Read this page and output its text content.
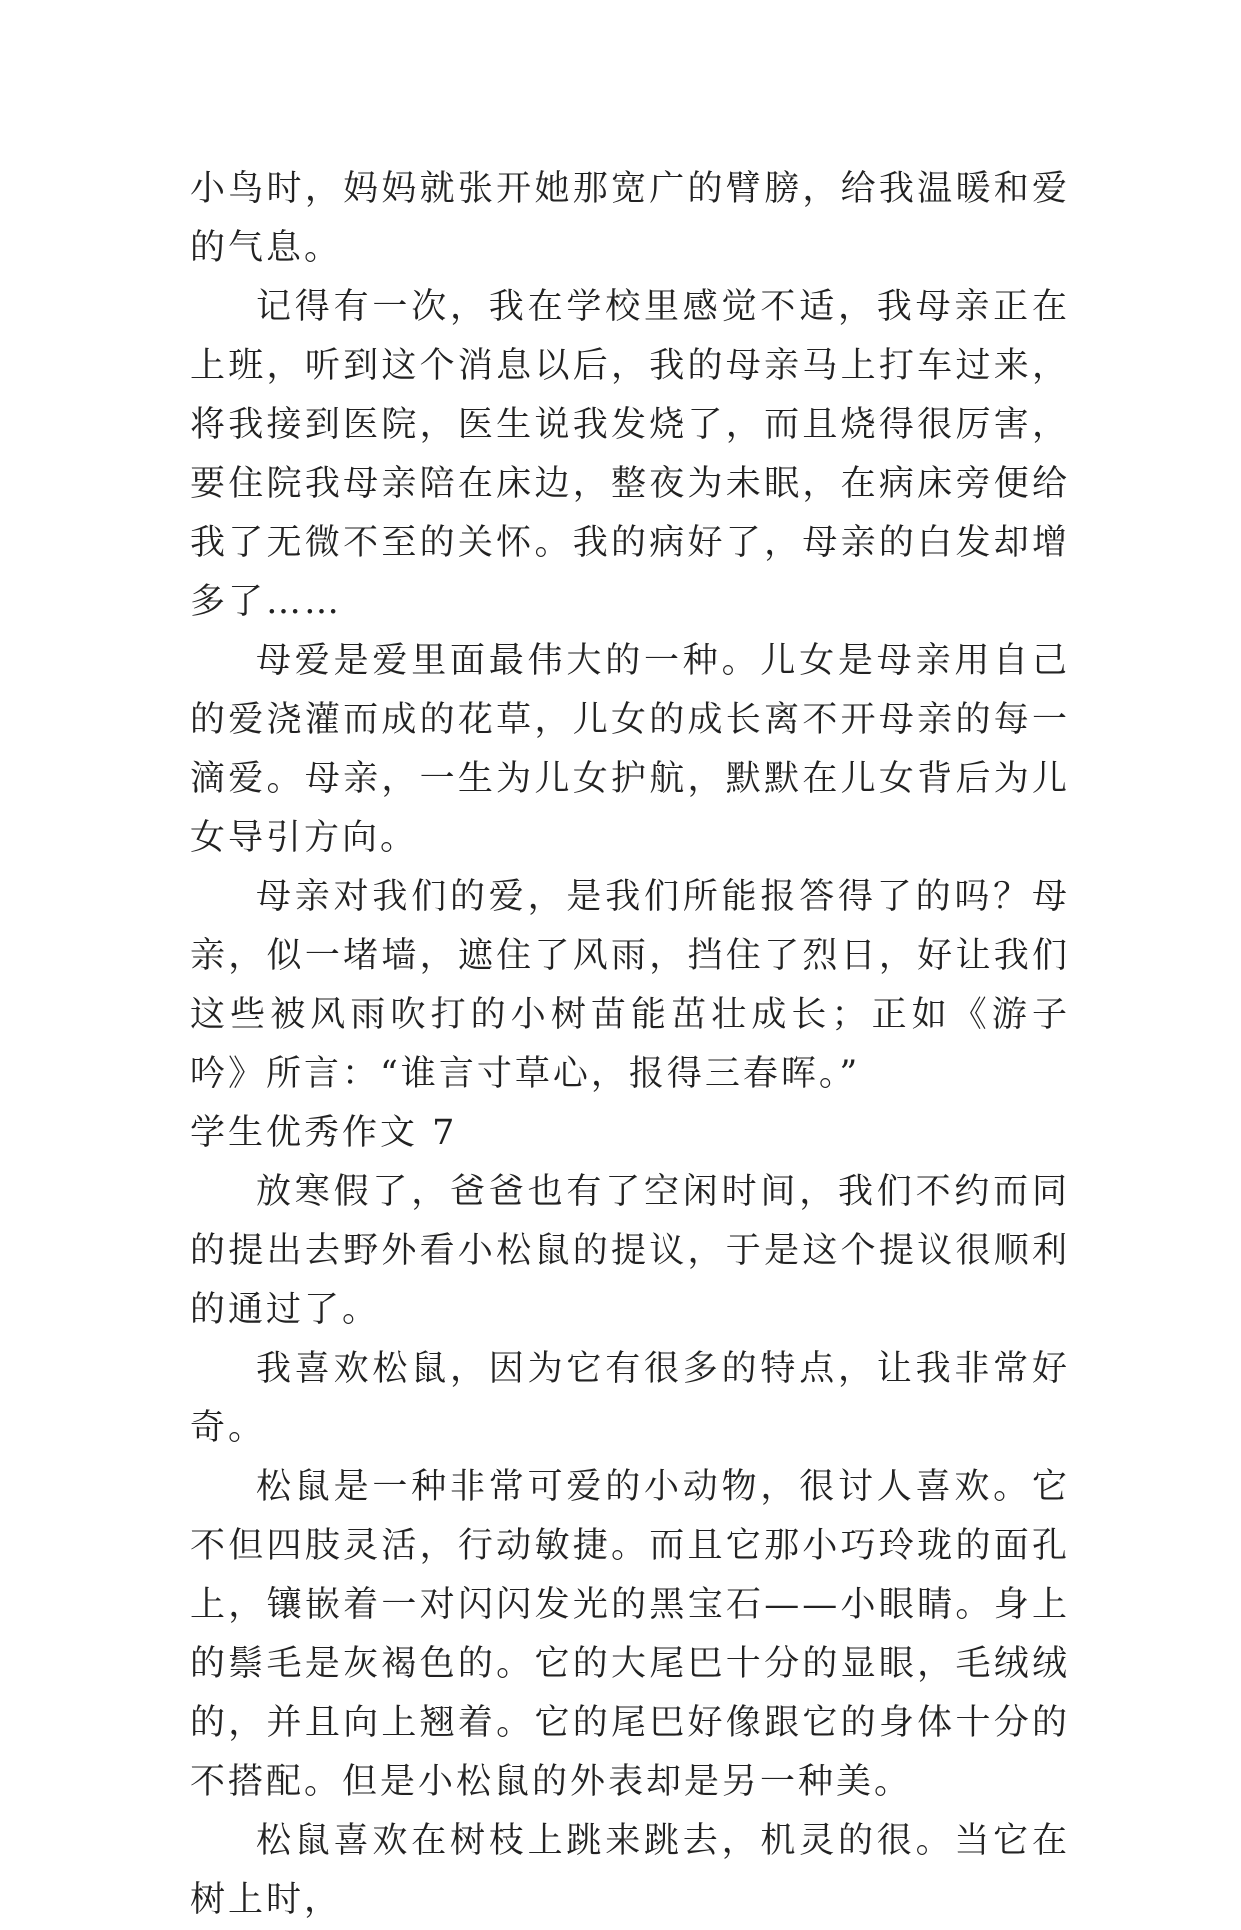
小鸟时，妈妈就张开她那宽广的臂膀，给我温暖和爱的气息。

记得有一次，我在学校里感觉不适，我母亲正在上班，听到这个消息以后，我的母亲马上打车过来，将我接到医院，医生说我发烧了，而且烧得很厉害，要住院我母亲陪在床边，整夜为未眠，在病床旁便给我了无微不至的关怀。我的病好了，母亲的白发却增多了……

母爱是爱里面最伟大的一种。儿女是母亲用自己的爱浇灌而成的花草，儿女的成长离不开母亲的每一滴爱。母亲，一生为儿女护航，默默在儿女背后为儿女导引方向。

母亲对我们的爱，是我们所能报答得了的吗？母亲，似一堵墙，遮住了风雨，挡住了烈日，好让我们这些被风雨吹打的小树苗能茁壮成长；正如《游子吟》所言：“谁言寸草心，报得三春晖。”

学生优秀作文 7

放寒假了，爸爸也有了空闲时间，我们不约而同的提出去野外看小松鼠的提议，于是这个提议很顺利的通过了。

我喜欢松鼠，因为它有很多的特点，让我非常好奇。

松鼠是一种非常可爱的小动物，很讨人喜欢。它不但四肢灵活，行动敏捷。而且它那小巧玲珑的面孔上，镶嵌着一对闪闪发光的黑宝石——小眼睛。身上的鬃毛是灰褐色的。它的大尾巴十分的显眼，毛绒绒的，并且向上翘着。它的尾巴好像跟它的身体十分的不搭配。但是小松鼠的外表却是另一种美。

松鼠喜欢在树枝上跳来跳去，机灵的很。当它在树上时，
